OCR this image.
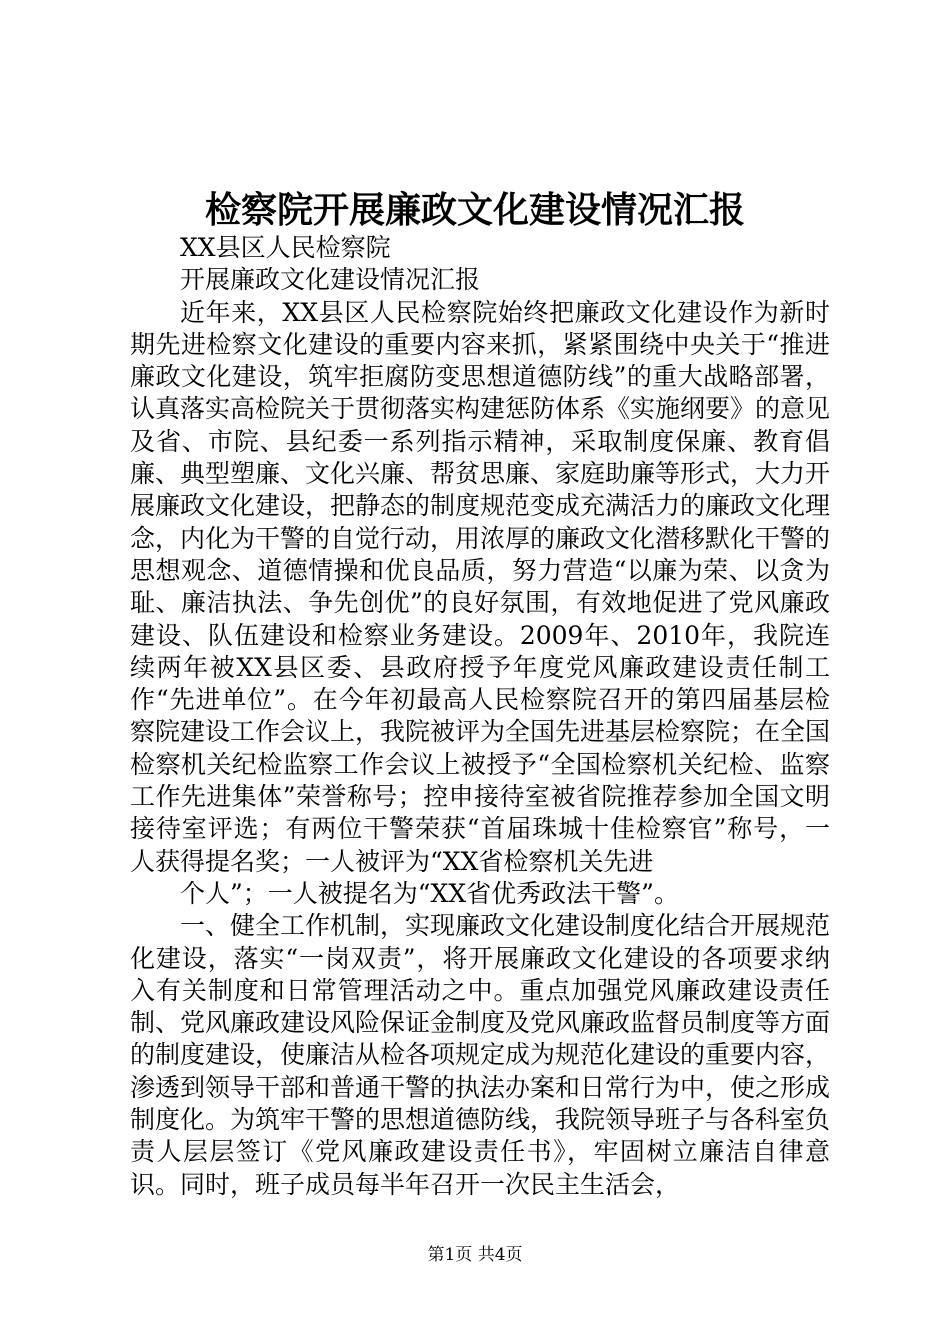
检察院开展廉政文化建设情况汇报

XX县区人民检察院

开展廉政文化建设情况汇报

近年来，XX县区人民检察院始终把廉政文化建设作为新时期先进检察文化建设的重要内容来抓，紧紧围绕中央关于“推进廉政文化建设，筑牢拒腐防变思想道德防线”的重大战略部署，认真落实高检院关于贯彻落实构建惩防体系《实施纲要》的意见及省、市院、县纪委一系列指示精神，采取制度保廉、教育倡廉、典型塑廉、文化兴廉、帮贫思廉、家庭助廉等形式，大力开展廉政文化建设，把静态的制度规范变成充满活力的廉政文化理念，内化为干警的自觉行动，用浓厚的廉政文化潜移默化干警的思想观念、道德情操和优良品质，努力营造“以廉为荣、以贪为耻、廉洁执法、争先创优”的良好氛围，有效地促进了党风廉政建设、队伍建设和检察业务建设。2009年、2010年，我院连续两年被XX县区委、县政府授予年度党风廉政建设责任制工作“先进单位”。在今年初最高人民检察院召开的第四届基层检察院建设工作会议上，我院被评为全国先进基层检察院；在全国检察机关纪检监察工作会议上被授予“全国检察机关纪检、监察工作先进集体”荣誉称号；控申接待室被省院推荐参加全国文明接待室评选；有两位干警荣获“首届珠城十佳检察官”称号，一人获得提名奖；一人被评为“XX省检察机关先进

个人”；一人被提名为“XX省优秀政法干警”。

一、健全工作机制，实现廉政文化建设制度化结合开展规范化建设，落实“一岗双责”，将开展廉政文化建设的各项要求纳入有关制度和日常管理活动之中。重点加强党风廉政建设责任制、党风廉政建设风险保证金制度及党风廉政监督员制度等方面的制度建设，使廉洁从检各项规定成为规范化建设的重要内容，渗透到领导干部和普通干警的执法办案和日常行为中，使之形成制度化。为筑牢干警的思想道德防线，我院领导班子与各科室负责人层层签订《党风廉政建设责任书》，牢固树立廉洁自律意识。同时，班子成员每半年召开一次民主生活会，

第1页 共4页
